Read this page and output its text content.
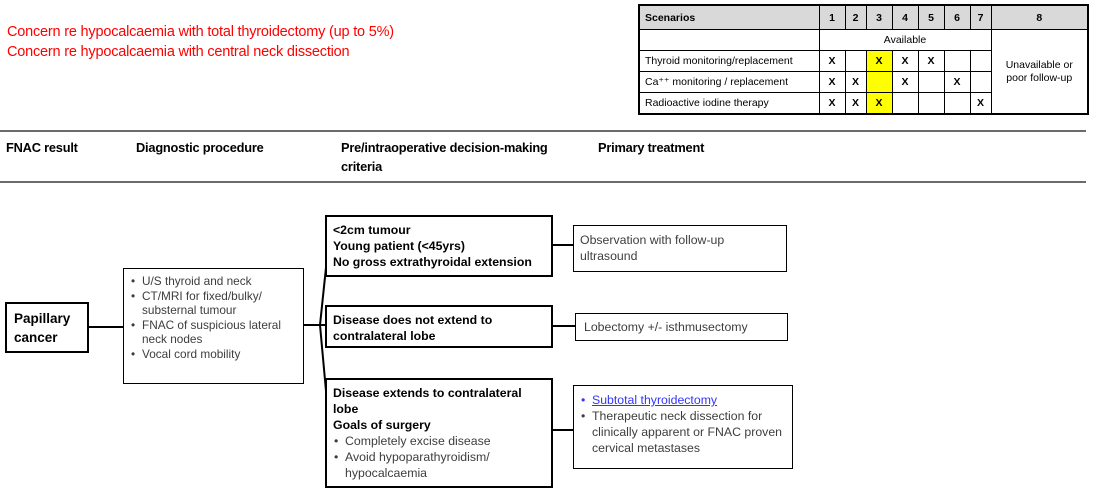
Concern re hypocalcaemia with total thyroidectomy (up to 5%)
Concern re hypocalcaemia with central neck dissection
Scenarios	1	2	3	4	5	6	7	8
	Available							Unavailable or poor follow-up
Thyroid monitoring/replacement	X		X	X	X			
Ca⁺⁺ monitoring / replacement	X	X		X		X		
Radioactive iodine therapy	X	X	X				X	
FNAC result	Diagnostic procedure	Pre/intraoperative decision-making criteria
Primary treatment
Papillary cancer
• U/S thyroid and neck
• CT/MRI for fixed/bulky/ substernal tumour
• FNAC of suspicious lateral neck nodes
• Vocal cord mobility
<2cm tumour
Young patient (<45yrs)
No gross extrathyroidal extension
Disease does not extend to contralateral lobe
Disease extends to contralateral lobe
Goals of surgery
• Completely excise disease
• Avoid hypoparathyroidism/ hypocalcaemia
Observation with follow-up ultrasound
Lobectomy +/- isthmusectomy
• Subtotal thyroidectomy
• Therapeutic neck dissection for clinically apparent or FNAC proven cervical metastases
